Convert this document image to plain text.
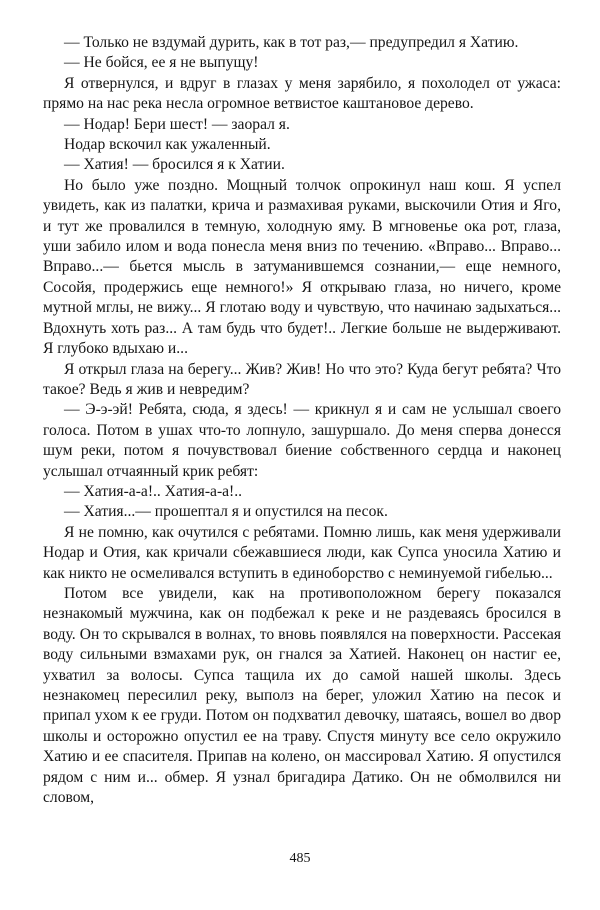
— Только не вздумай дурить, как в тот раз,— предупредил я Хатию.

— Не бойся, ее я не выпущу!

Я отвернулся, и вдруг в глазах у меня зарябило, я похолодел от ужаса: прямо на нас река несла огромное ветвистое каштановое дерево.

— Нодар! Бери шест! — заорал я.

Нодар вскочил как ужаленный.

— Хатия! — бросился я к Хатии.

Но было уже поздно. Мощный толчок опрокинул наш кош. Я успел увидеть, как из палатки, крича и размахивая руками, выскочили Отия и Яго, и тут же провалился в темную, холодную яму. В мгновенье ока рот, глаза, уши забило илом и вода понесла меня вниз по течению. «Вправо... Вправо... Вправо...— бьется мысль в затуманившемся сознании,— еще немного, Сосойя, продержись еще немного!» Я открываю глаза, но ничего, кроме мутной мглы, не вижу... Я глотаю воду и чувствую, что начинаю задыхаться... Вдохнуть хоть раз... А там будь что будет!.. Легкие больше не выдерживают. Я глубоко вдыхаю и...

Я открыл глаза на берегу... Жив? Жив! Но что это? Куда бегут ребята? Что такое? Ведь я жив и невредим?

— Э-э-эй! Ребята, сюда, я здесь! — крикнул я и сам не услышал своего голоса. Потом в ушах что-то лопнуло, зашуршало. До меня сперва донесся шум реки, потом я почувствовал биение собственного сердца и наконец услышал отчаянный крик ребят:

— Хатия-а-а!.. Хатия-а-а!..

— Хатия...— прошептал я и опустился на песок.

Я не помню, как очутился с ребятами. Помню лишь, как меня удерживали Нодар и Отия, как кричали сбежавшиеся люди, как Супса уносила Хатию и как никто не осмеливался вступить в единоборство с неминуемой гибелью...

Потом все увидели, как на противоположном берегу показался незнакомый мужчина, как он подбежал к реке и не раздеваясь бросился в воду. Он то скрывался в волнах, то вновь появлялся на поверхности. Рассекая воду сильными взмахами рук, он гнался за Хатией. Наконец он настиг ее, ухватил за волосы. Супса тащила их до самой нашей школы. Здесь незнакомец пересилил реку, выполз на берег, уложил Хатию на песок и припал ухом к ее груди. Потом он подхватил девочку, шатаясь, вошел во двор школы и осторожно опустил ее на траву. Спустя минуту все село окружило Хатию и ее спасителя. Припав на колено, он массировал Хатию. Я опустился рядом с ним и... обмер. Я узнал бригадира Датико. Он не обмолвился ни словом,

485
